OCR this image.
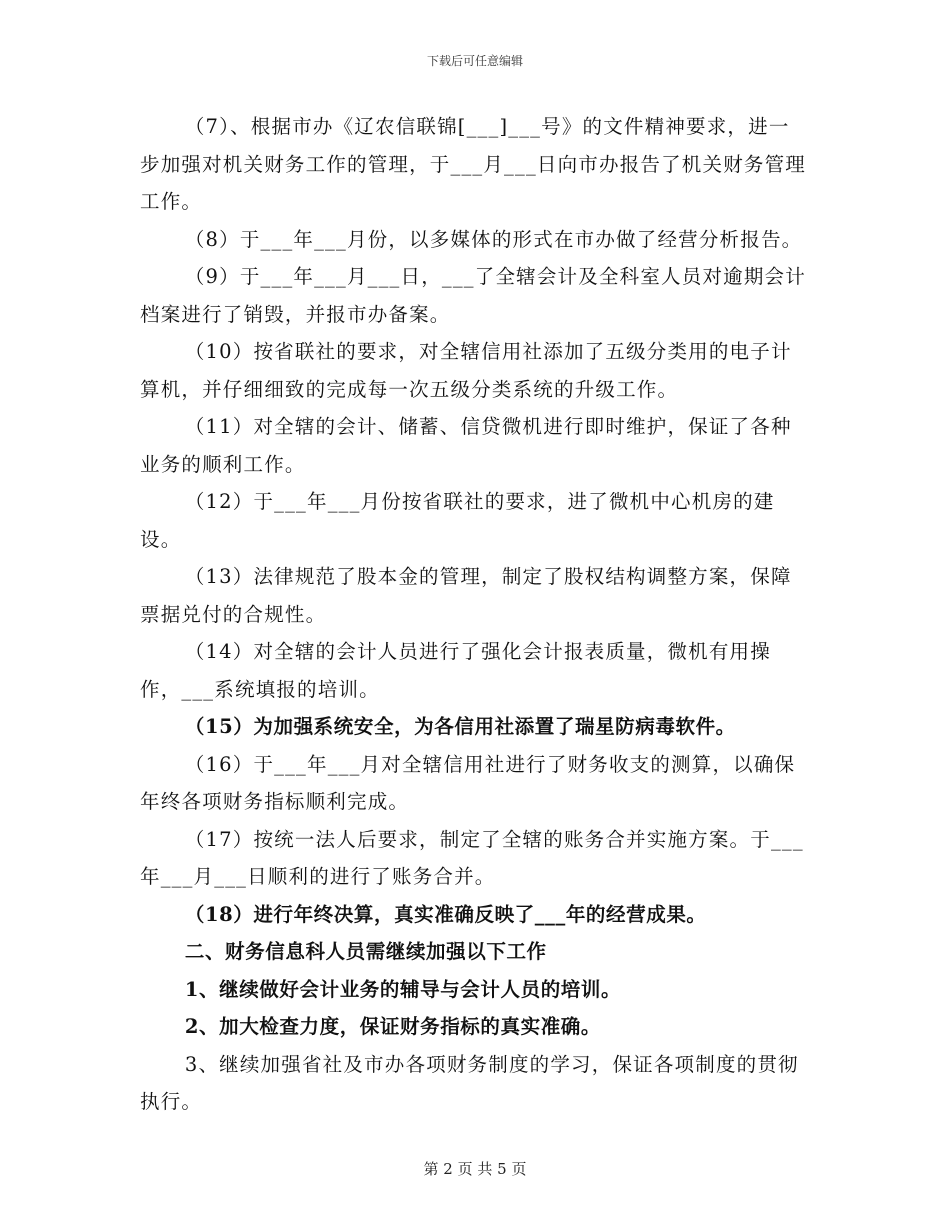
下载后可任意编辑

（7）、根据市办《辽农信联锦[___]___号》的文件精神要求，进一步加强对机关财务工作的管理，于___月___日向市办报告了机关财务管理工作。

（8）于___年___月份，以多媒体的形式在市办做了经营分析报告。

（9）于___年___月___日，___了全辖会计及全科室人员对逾期会计档案进行了销毁，并报市办备案。

（10）按省联社的要求，对全辖信用社添加了五级分类用的电子计算机，并仔细细致的完成每一次五级分类系统的升级工作。

（11）对全辖的会计、储蓄、信贷微机进行即时维护，保证了各种业务的顺利工作。

（12）于___年___月份按省联社的要求，进了微机中心机房的建设。

（13）法律规范了股本金的管理，制定了股权结构调整方案，保障票据兑付的合规性。

（14）对全辖的会计人员进行了强化会计报表质量，微机有用操作，___系统填报的培训。

（15）为加强系统安全，为各信用社添置了瑞星防病毒软件。

（16）于___年___月对全辖信用社进行了财务收支的测算，以确保年终各项财务指标顺利完成。

（17）按统一法人后要求，制定了全辖的账务合并实施方案。于___年___月___日顺利的进行了账务合并。

（18）进行年终决算，真实准确反映了___年的经营成果。

二、财务信息科人员需继续加强以下工作

1、继续做好会计业务的辅导与会计人员的培训。

2、加大检查力度，保证财务指标的真实准确。

3、继续加强省社及市办各项财务制度的学习，保证各项制度的贯彻执行。

第 2 页 共 5 页
